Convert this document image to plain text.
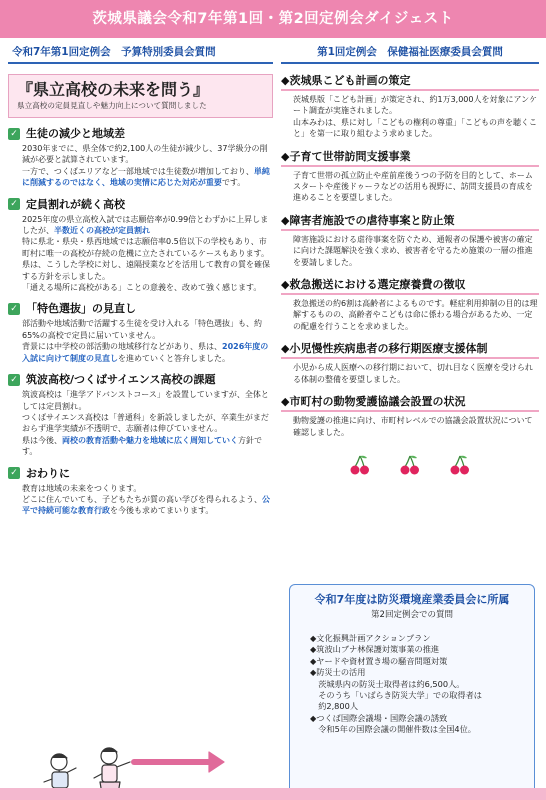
茨城県議会令和7年第1回・第2回定例会ダイジェスト
令和7年第1回定例会　予算特別委員会質問
『県立高校の未来を問う』
県立高校の定員見直しや魅力向上について質問しました
✓ 生徒の減少と地域差

2030年までに、県全体で約2,100人の生徒が減少し、37学級分の削減が必要と試算されています。

一方で、つくばエリアなど一部地域では生徒数が増加しており、単純に削減するのではなく、地域の実情に応じた対応が重要です。

✓ 定員割れが続く高校

2025年度の県立高校入試では志願倍率が0.99倍とわずかに上昇しましたが、半数近くの高校が定員割れ

特に県北・県央・県西地域では志願倍率0.5倍以下の学校もあり、市町村に唯一の高校が存続の危機に立たされているケースもあります。

県は、こうした学校に対し、遠隔授業などを活用して教育の質を確保する方針を示しました。

「通える場所に高校がある」ことの意義を、改めて強く感じます。

✓ 「特色選抜」の見直し

部活動や地域活動で活躍する生徒を受け入れる「特色選抜」も、約65%の高校で定員に届いていません。

背景には中学校の部活動の地域移行などがあり、県は、2026年度の入試に向けて制度の見直しを進めていくと答弁しました。

✓ 筑波高校/つくばサイエンス高校の課題

筑波高校は「進学アドバンストコース」を設置していますが、全体としては定員割れ。

つくばサイエンス高校は「普通科」を新設しましたが、卒業生がまだおらず進学実績が不透明で、志願者は伸びていません。

県は今後、両校の教育活動や魅力を地域に広く周知していく方針です。

✓ おわりに

教育は地域の未来をつくります。

どこに住んでいても、子どもたちが質の高い学びを得られるよう、公平で持続可能な教育行政を今後も求めてまいります。

第1回定例会　保健福祉医療委員会質問
◆茨城県こども計画の策定

茨城県版「こども計画」が策定され、約1万3,000人を対象にアンケート調査が実施されました。

山本みわは、県に対し「こどもの権利の尊重」「こどもの声を聴くこと」を第一に取り組むよう求めました。

◆子育て世帯訪問支援事業

子育て世帯の孤立防止や産前産後うつの予防を目的として、ホームスタートや産後ドゥーラなどの活用も視野に、訪問支援員の育成を進めることを要望しました。

◆障害者施設での虐待事案と防止策

障害施設における虐待事案を防ぐため、通報者の保護や被害の確定に向けた課題解決を強く求め、被害者を守るため施策の一層の推進を要請しました。

◆救急搬送における選定療養費の徴収

救急搬送の約6割は高齢者によるものです。軽症利用抑制の目的は理解するものの、高齢者やこどもは命に係わる場合があるため、一定の配慮を行うことを求めました。

◆小児慢性疾病患者の移行期医療支援体制

小児から成人医療への移行期において、切れ目なく医療を受けられる体制の整備を要望しました。

◆市町村の動物愛護協議会設置の状況

動物愛護の推進に向け、市町村レベルでの協議会設置状況について確認しました。

令和7年度は防災環境産業委員会に所属
第2回定例会での質問
◆文化振興計画アクションプラン
◆筑波山ブナ林保護対策事業の推進
◆ヤードや資材置き場の騒音問題対策
◆防災士の活用
　茨城県内の防災士取得者は約6,500人。
　そのうち「いばらき防災大学」での取得者は
　約2,800人
◆つくば国際会議場・国際会議の誘致
　令和5年の国際会議の開催件数は全国4位。
